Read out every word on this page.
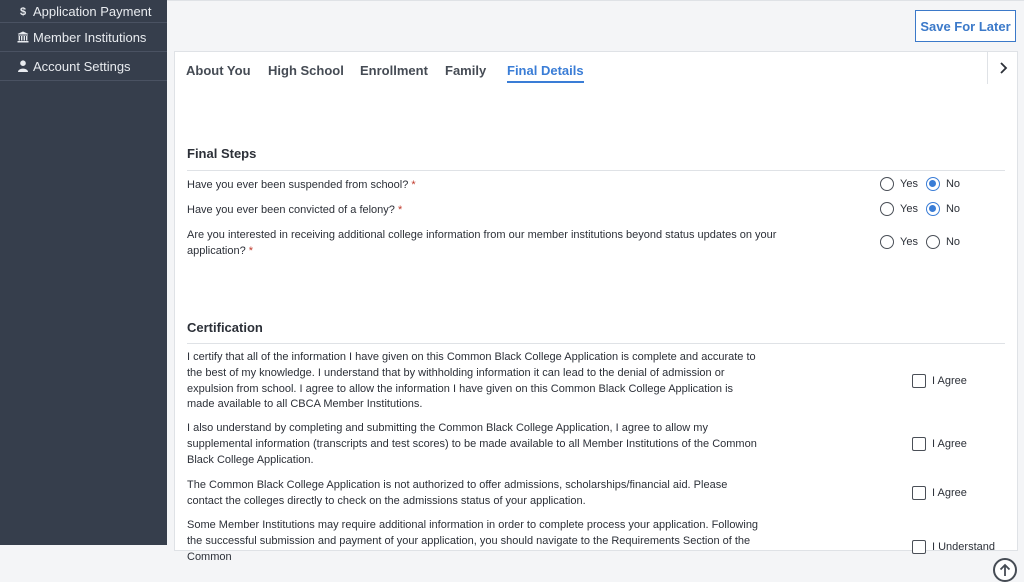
$ Application Payment
Member Institutions
Account Settings
Save For Later
About You High School Enrollment Family Final Details
Final Steps
Have you ever been suspended from school? *	Yes	No
Have you ever been convicted of a felony? *	Yes	No
Are you interested in receiving additional college information from our member institutions beyond status updates on your application? *
Yes	No
Certification
I certify that all of the information I have given on this Common Black College Application is complete and accurate to the best of my knowledge. I understand that by withholding information it can lead to the denial of admission or expulsion from school. I agree to allow the information I have given on this Common Black College Application is made available to all CBCA Member Institutions.
I Agree
I also understand by completing and submitting the Common Black College Application, I agree to allow my supplemental information (transcripts and test scores) to be made available to all Member Institutions of the Common Black College Application.
I Agree
The Common Black College Application is not authorized to offer admissions, scholarships/financial aid. Please contact the colleges directly to check on the admissions status of your application.
I Agree
Some Member Institutions may require additional information in order to complete process your application. Following the successful submission and payment of your application, you should navigate to the Requirements Section of the Common
I Understand
